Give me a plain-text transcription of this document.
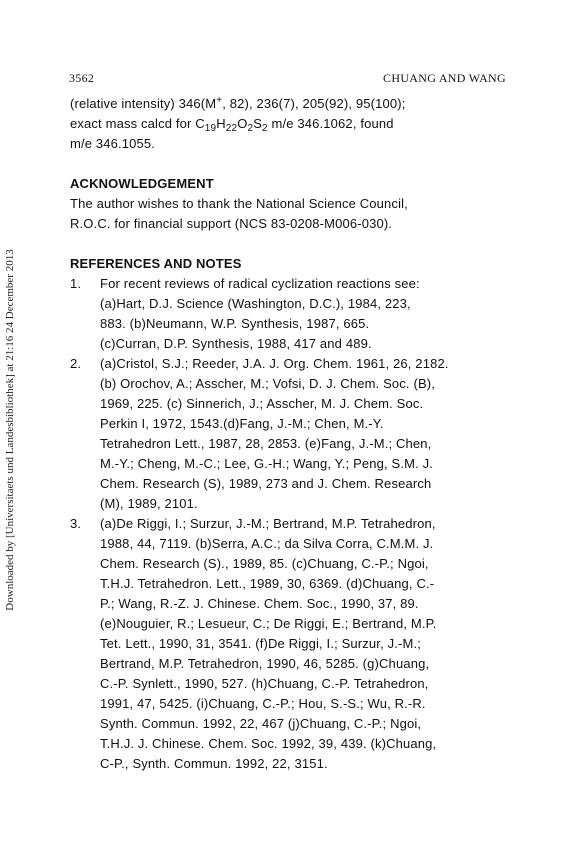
3562	CHUANG AND WANG
Downloaded by [Universitaets und Landesbibliothek] at 21:16 24 December 2013
(relative intensity) 346(M+, 82), 236(7), 205(92), 95(100);
exact mass calcd for $C_{19}H_{22}O_2S_2$ m/e 346.1062, found
m/e 346.1055.
ACKNOWLEDGEMENT
The author wishes to thank the National Science Council,
R.O.C. for financial support (NCS 83-0208-M006-030).
REFERENCES AND NOTES
1.	For recent reviews of radical cyclization reactions see:
(a)Hart, D.J. Science (Washington, D.C.), 1984, 223,
883. (b)Neumann, W.P. Synthesis, 1987, 665.
(c)Curran, D.P. Synthesis, 1988, 417 and 489.
2.	(a)Cristol, S.J.; Reeder, J.A. J. Org. Chem. 1961, 26, 2182.
(b) Orochov, A.; Asscher, M.; Vofsi, D. J. Chem. Soc. (B),
1969, 225. (c) Sinnerich, J.; Asscher, M. J. Chem. Soc.
Perkin I, 1972, 1543.(d)Fang, J.-M.; Chen, M.-Y.
Tetrahedron Lett., 1987, 28, 2853. (e)Fang, J.-M.; Chen,
M.-Y.; Cheng, M.-C.; Lee, G.-H.; Wang, Y.; Peng, S.M. J.
Chem. Research (S), 1989, 273 and J. Chem. Research
(M), 1989, 2101.
3.	(a)De Riggi, I.; Surzur, J.-M.; Bertrand, M.P. Tetrahedron,
1988, 44, 7119. (b)Serra, A.C.; da Silva Corra, C.M.M. J.
Chem. Research (S)., 1989, 85. (c)Chuang, C.-P.; Ngoi,
T.H.J. Tetrahedron. Lett., 1989, 30, 6369. (d)Chuang, C.-
P.; Wang, R.-Z. J. Chinese. Chem. Soc., 1990, 37, 89.
(e)Nouguier, R.; Lesueur, C.; De Riggi, E.; Bertrand, M.P.
Tet. Lett., 1990, 31, 3541. (f)De Riggi, I.; Surzur, J.-M.;
Bertrand, M.P. Tetrahedron, 1990, 46, 5285. (g)Chuang,
C.-P. Synlett., 1990, 527. (h)Chuang, C.-P. Tetrahedron,
1991, 47, 5425. (i)Chuang, C.-P.; Hou, S.-S.; Wu, R.-R.
Synth. Commun. 1992, 22, 467 (j)Chuang, C.-P.; Ngoi,
T.H.J. J. Chinese. Chem. Soc. 1992, 39, 439. (k)Chuang,
C-P., Synth. Commun. 1992, 22, 3151.
